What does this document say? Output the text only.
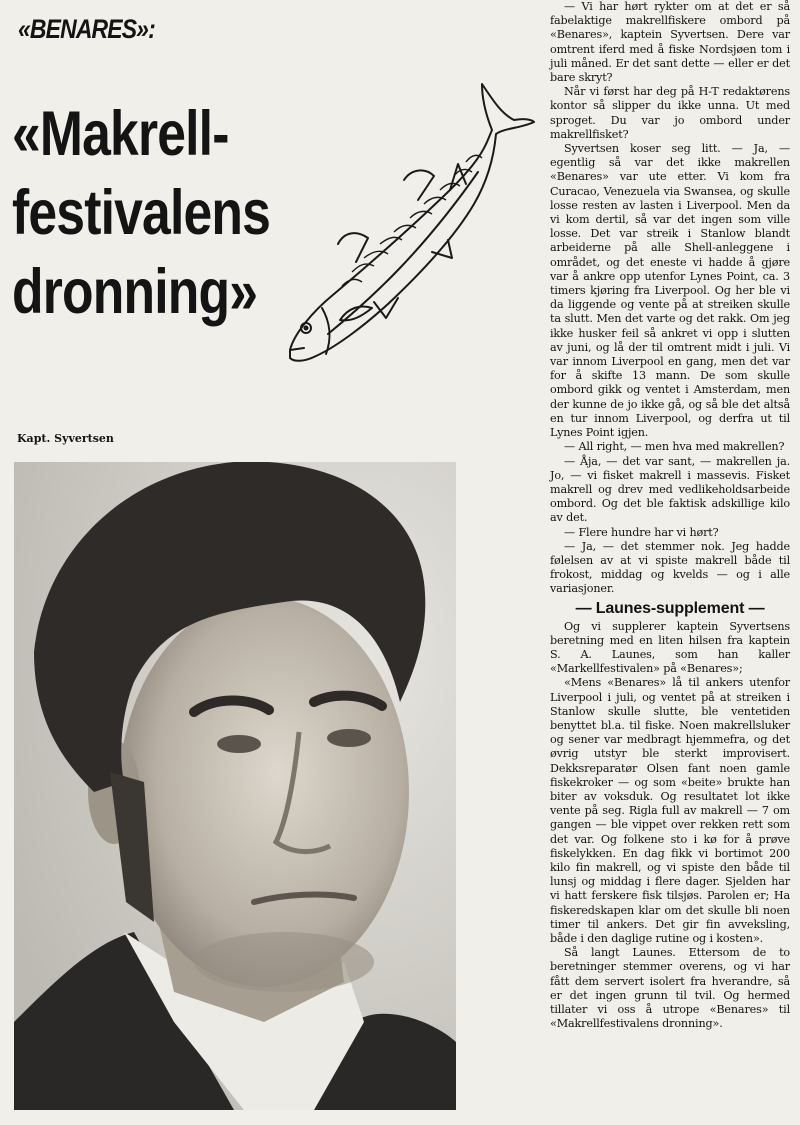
«BENARES»:
«Makrell-
festivalens
dronning»
Kapt. Syvertsen

— Vi har hørt rykter om at det er så fabelaktige makrellfiskere ombord på «Benares», kaptein Syvertsen. Dere var omtrent iferd med å fiske Nordsjøen tom i juli måned. Er det sant dette — eller er det bare skryt?

Når vi først har deg på H-T redaktørens kontor så slipper du ikke unna. Ut med sproget. Du var jo ombord under makrellfisket?

Syvertsen koser seg litt. — Ja, — egentlig så var det ikke makrellen «Benares» var ute etter. Vi kom fra Curacao, Venezuela via Swansea, og skulle losse resten av lasten i Liverpool. Men da vi kom dertil, så var det ingen som ville losse. Det var streik i Stanlow blandt arbeiderne på alle Shell-anleggene i området, og det eneste vi hadde å gjøre var å ankre opp utenfor Lynes Point, ca. 3 timers kjøring fra Liverpool. Og her ble vi da liggende og vente på at streiken skulle ta slutt. Men det varte og det rakk. Om jeg ikke husker feil så ankret vi opp i slutten av juni, og lå der til omtrent midt i juli. Vi var innom Liverpool en gang, men det var for å skifte 13 mann. De som skulle ombord gikk og ventet i Amsterdam, men der kunne de jo ikke gå, og så ble det altså en tur innom Liverpool, og derfra ut til Lynes Point igjen.

— All right, — men hva med makrellen?

— Åja, — det var sant, — makrellen ja. Jo, — vi fisket makrell i massevis. Fisket makrell og drev med vedlikeholdsarbeide ombord. Og det ble faktisk adskillige kilo av det.

— Flere hundre har vi hørt?

— Ja, — det stemmer nok. Jeg hadde følelsen av at vi spiste makrell både til frokost, middag og kvelds — og i alle variasjoner.

— Launes-supplement —

Og vi supplerer kaptein Syvertsens beretning med en liten hilsen fra kaptein S. A. Launes, som han kaller «Markellfestivalen» på «Benares»;

«Mens «Benares» lå til ankers utenfor Liverpool i juli, og ventet på at streiken i Stanlow skulle slutte, ble ventetiden benyttet bl.a. til fiske. Noen makrellsluker og sener var medbragt hjemmefra, og det øvrig utstyr ble sterkt improvisert. Dekksreparatør Olsen fant noen gamle fiskekroker — og som «beite» brukte han biter av voksduk. Og resultatet lot ikke vente på seg. Rigla full av makrell — 7 om gangen — ble vippet over rekken rett som det var. Og folkene sto i kø for å prøve fiskelykken. En dag fikk vi bortimot 200 kilo fin makrell, og vi spiste den både til lunsj og middag i flere dager. Sjelden har vi hatt ferskere fisk tilsjøs. Parolen er; Ha fiskeredskapen klar om det skulle bli noen timer til ankers. Det gir fin avveksling, både i den daglige rutine og i kosten».

Så langt Launes. Ettersom de to beretninger stemmer overens, og vi har fått dem servert isolert fra hverandre, så er det ingen grunn til tvil. Og hermed tillater vi oss å utrope «Benares» til «Makrellfestivalens dronning».
